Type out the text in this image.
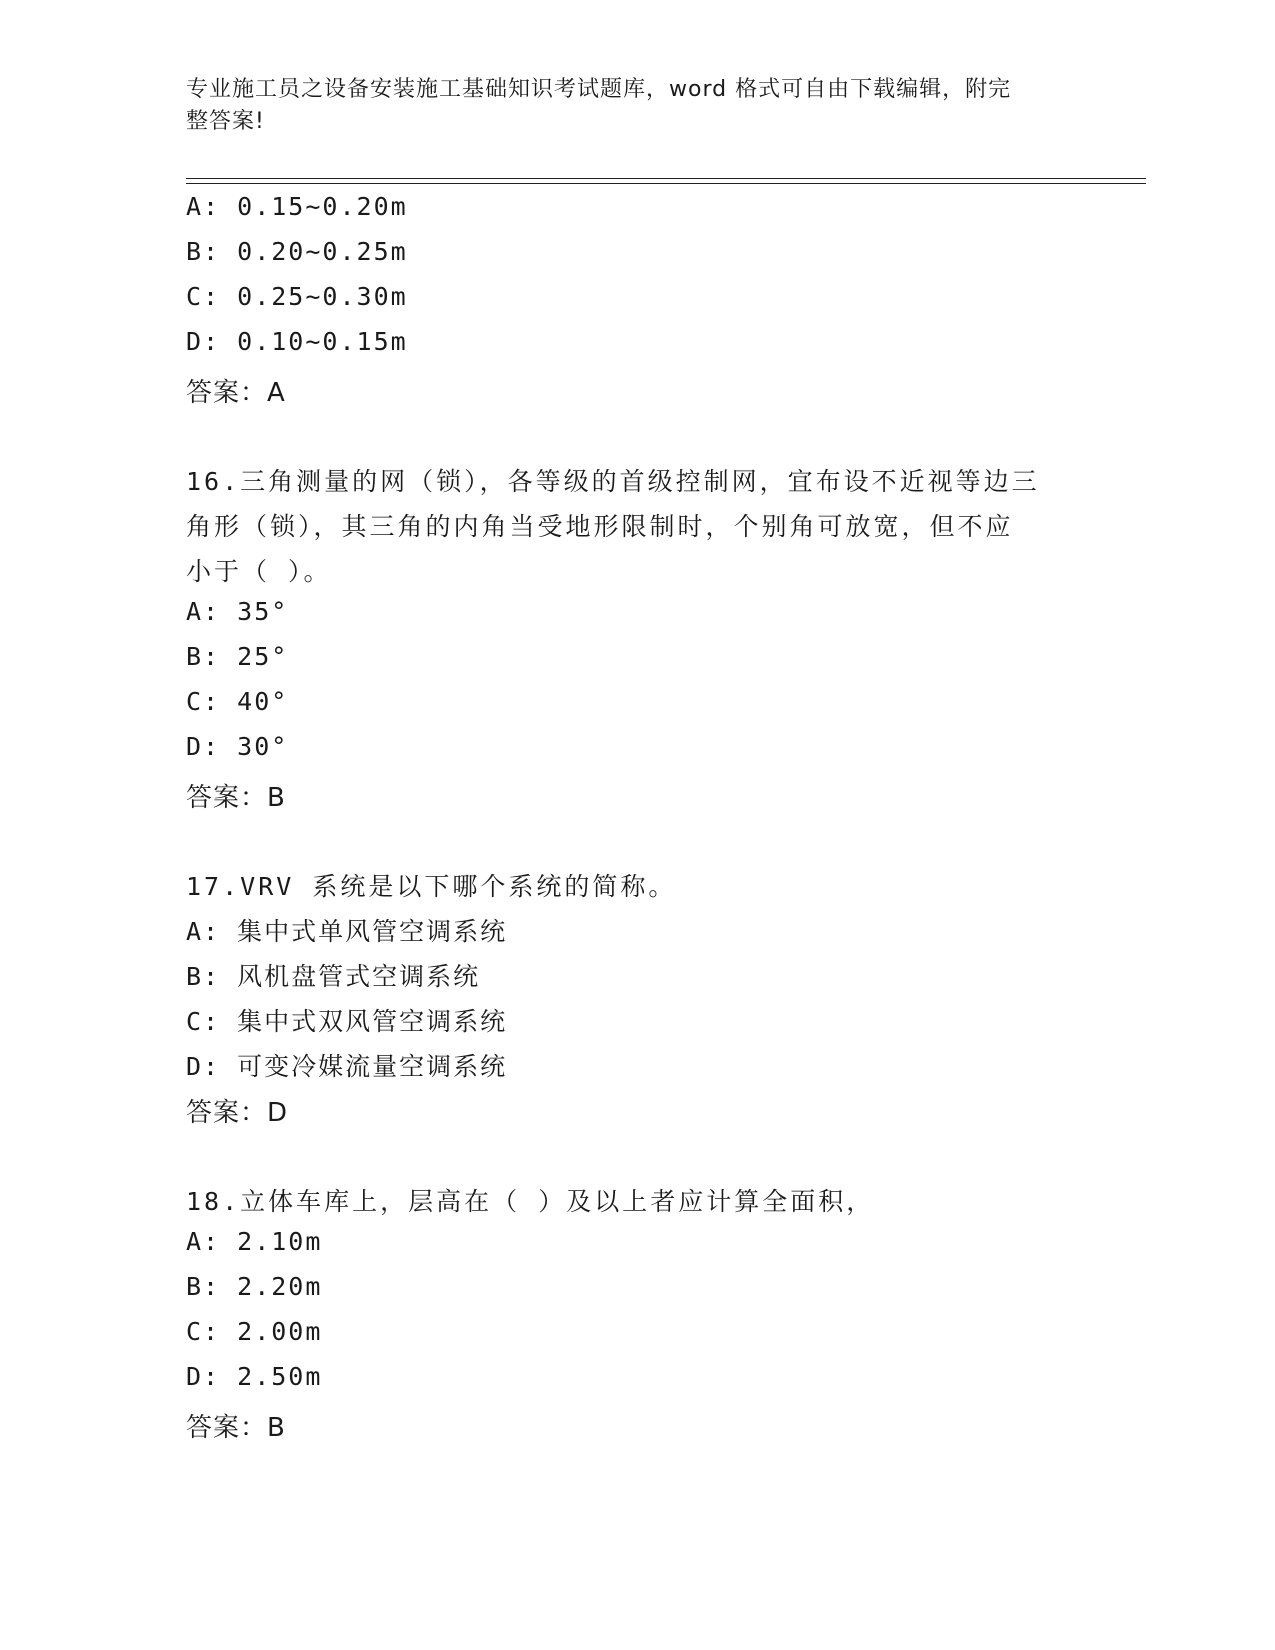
专业施工员之设备安装施工基础知识考试题库，word 格式可自由下载编辑，附完
整答案!
A: 0.15~0.20m
B: 0.20~0.25m
C: 0.25~0.30m
D: 0.10~0.15m
答案：A
16.三角测量的网（锁），各等级的首级控制网，宜布设不近视等边三
角形（锁），其三角的内角当受地形限制时，个别角可放宽，但不应
小于（ ）。
A: 35°
B: 25°
C: 40°
D: 30°
答案：B
17.VRV 系统是以下哪个系统的简称。
A: 集中式单风管空调系统
B: 风机盘管式空调系统
C: 集中式双风管空调系统
D: 可变冷媒流量空调系统
答案：D
18.立体车库上，层高在（ ）及以上者应计算全面积，
A: 2.10m
B: 2.20m
C: 2.00m
D: 2.50m
答案：B
